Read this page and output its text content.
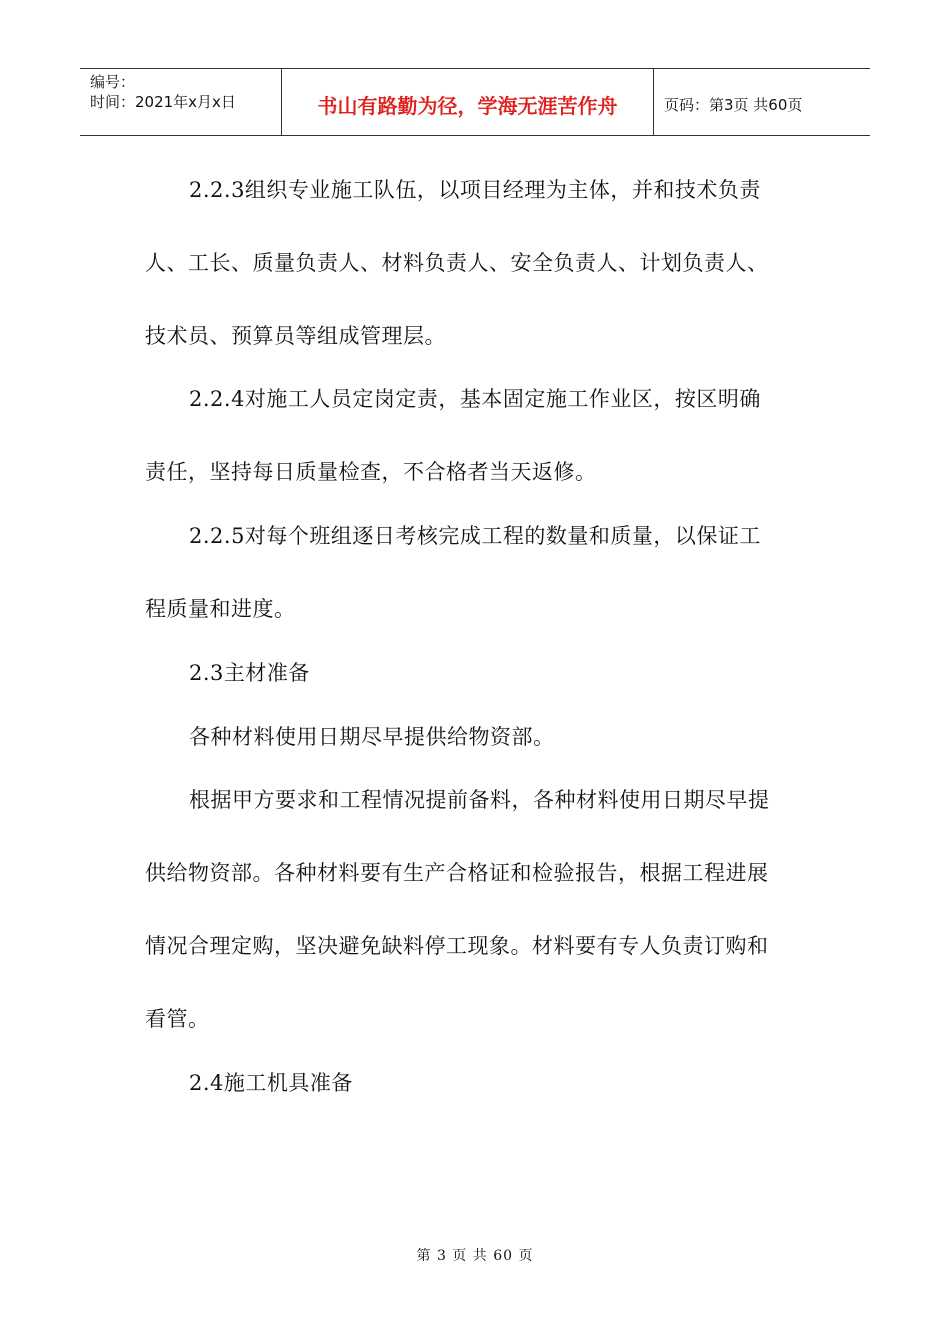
编号：
时间：2021年x月x日	书山有路勤为径，学海无涯苦作舟	页码：第3页 共60页
2.2.3组织专业施工队伍，以项目经理为主体，并和技术负责
人、工长、质量负责人、材料负责人、安全负责人、计划负责人、
技术员、预算员等组成管理层。
2.2.4对施工人员定岗定责，基本固定施工作业区，按区明确
责任，坚持每日质量检查，不合格者当天返修。
2.2.5对每个班组逐日考核完成工程的数量和质量，以保证工
程质量和进度。
2.3主材准备
各种材料使用日期尽早提供给物资部。
根据甲方要求和工程情况提前备料，各种材料使用日期尽早提
供给物资部。各种材料要有生产合格证和检验报告，根据工程进展
情况合理定购，坚决避免缺料停工现象。材料要有专人负责订购和
看管。
2.4施工机具准备
第 3 页 共 60 页
